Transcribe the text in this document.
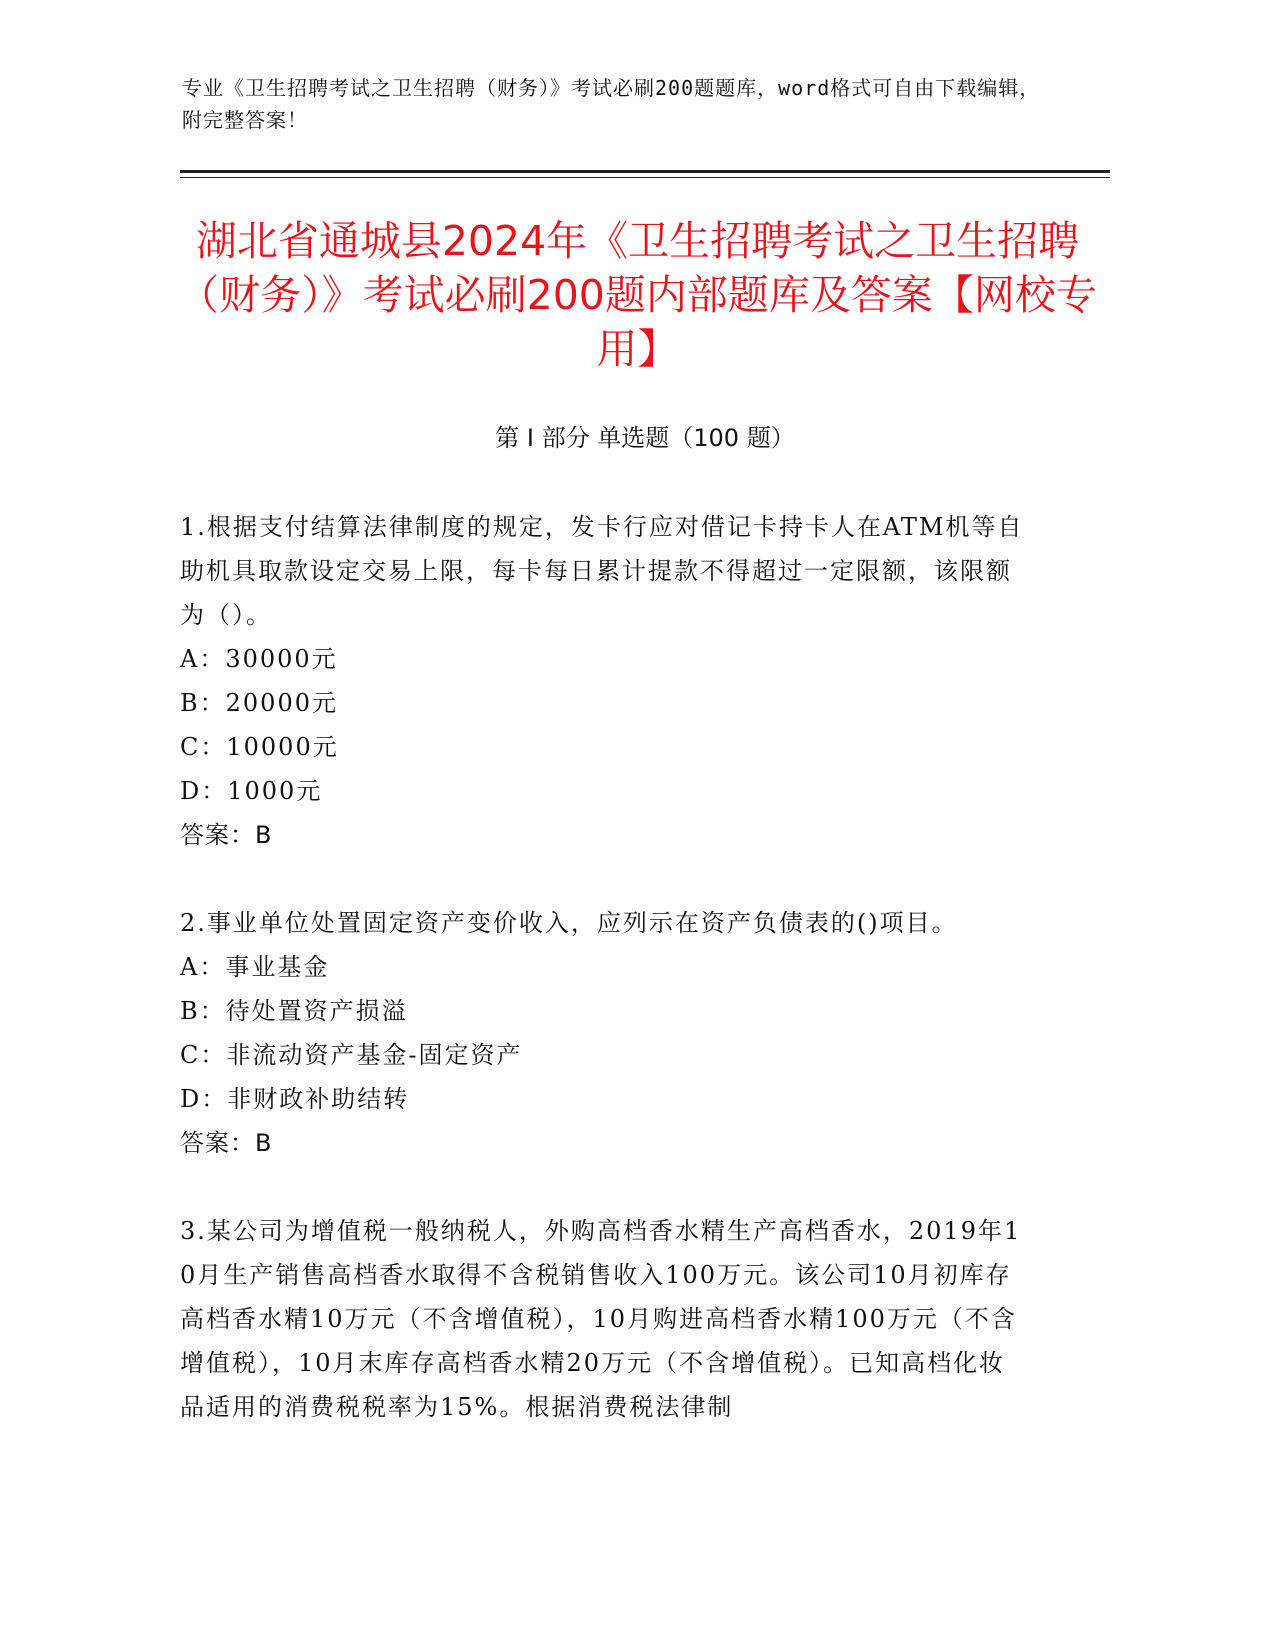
专业《卫生招聘考试之卫生招聘（财务）》考试必刷200题题库，word格式可自由下载编辑，附完整答案！
湖北省通城县2024年《卫生招聘考试之卫生招聘（财务）》考试必刷200题内部题库及答案【网校专用】
第 I 部分 单选题（100 题）
1.根据支付结算法律制度的规定，发卡行应对借记卡持卡人在ATM机等自助机具取款设定交易上限，每卡每日累计提款不得超过一定限额，该限额为（）。
A：30000元
B：20000元
C：10000元
D：1000元
答案：B
2.事业单位处置固定资产变价收入，应列示在资产负债表的()项目。
A：事业基金
B：待处置资产损溢
C：非流动资产基金-固定资产
D：非财政补助结转
答案：B
3.某公司为增值税一般纳税人，外购高档香水精生产高档香水，2019年10月生产销售高档香水取得不含税销售收入100万元。该公司10月初库存高档香水精10万元（不含增值税），10月购进高档香水精100万元（不含增值税），10月末库存高档香水精20万元（不含增值税）。已知高档化妆品适用的消费税税率为15%。根据消费税法律制
